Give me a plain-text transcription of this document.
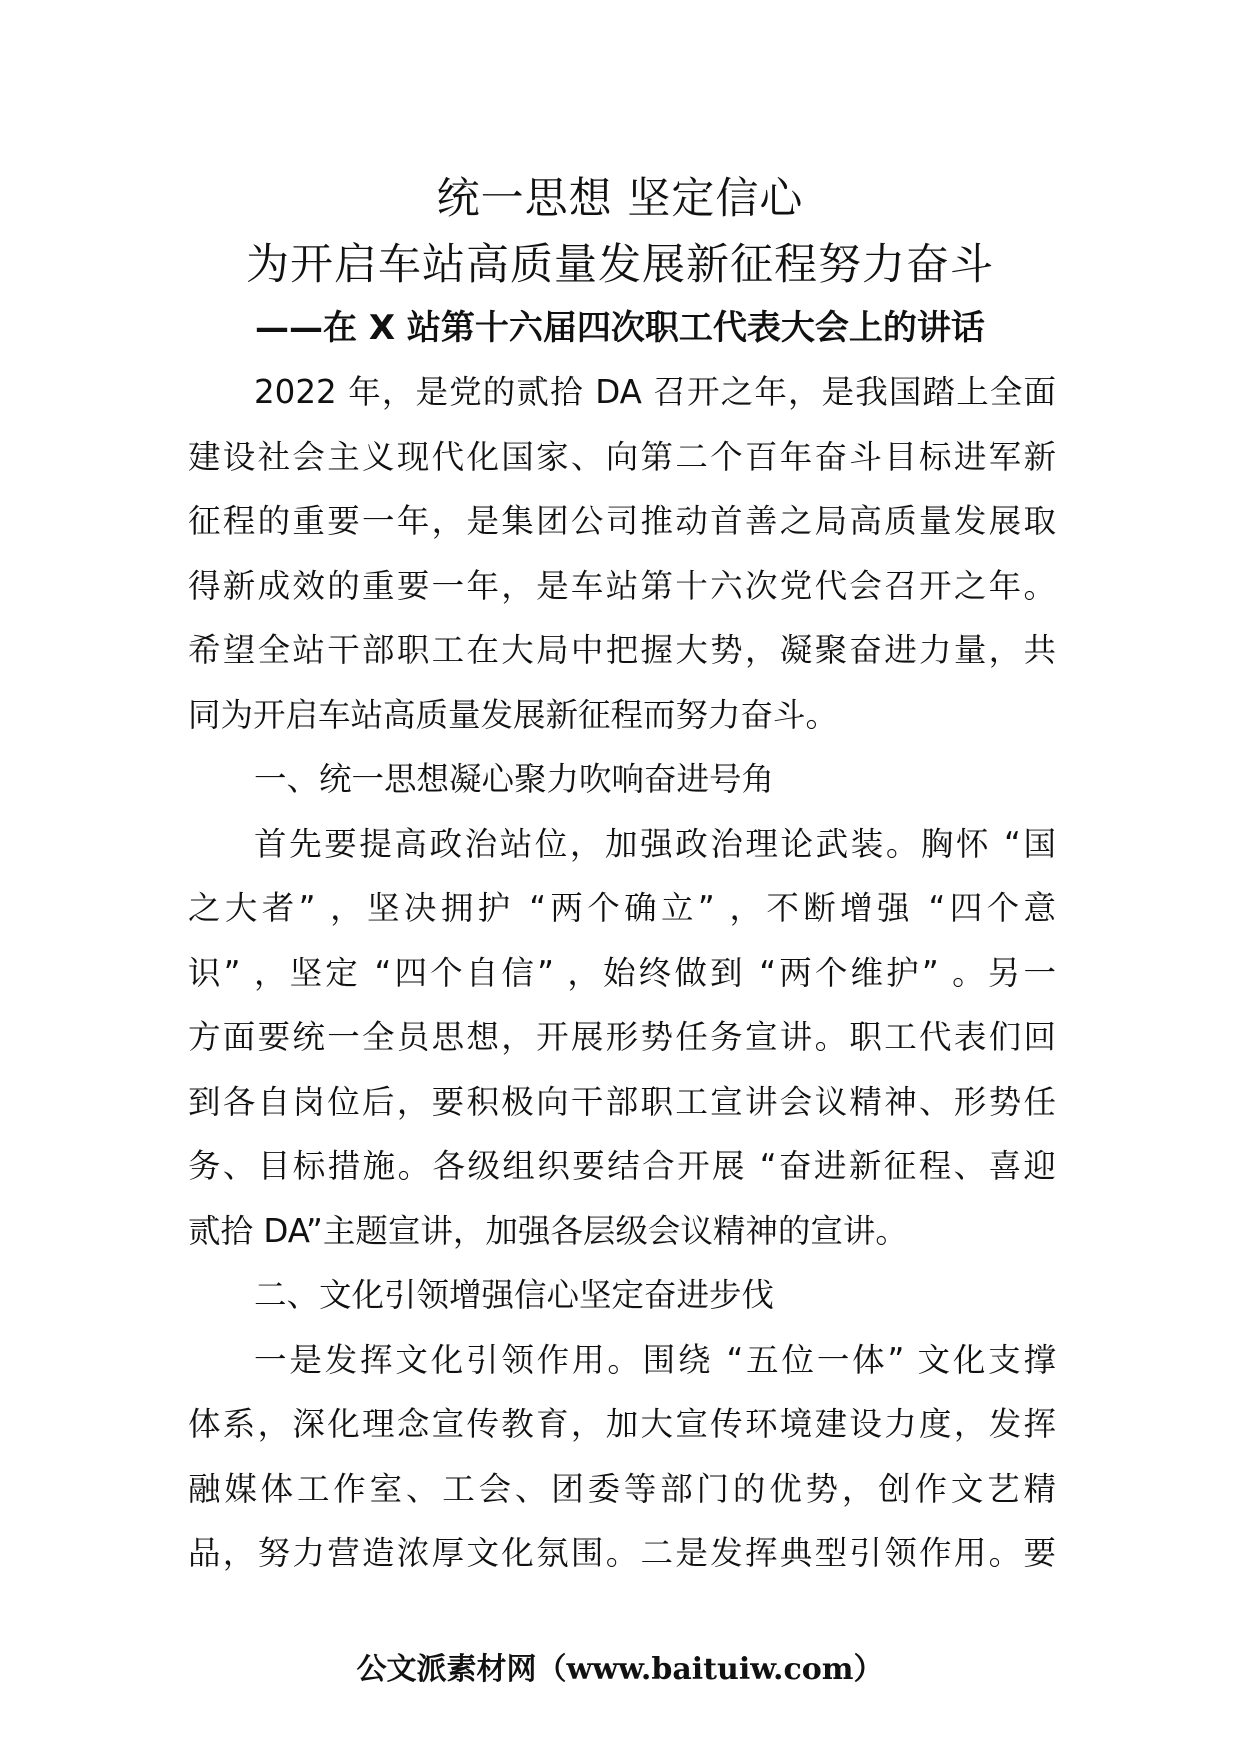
统一思想 坚定信心
为开启车站高质量发展新征程努力奋斗
——在 X 站第十六届四次职工代表大会上的讲话
2022 年，是党的贰拾 DA 召开之年，是我国踏上全面
建设社会主义现代化国家、向第二个百年奋斗目标进军新
征程的重要一年，是集团公司推动首善之局高质量发展取
得新成效的重要一年，是车站第十六次党代会召开之年。
希望全站干部职工在大局中把握大势，凝聚奋进力量，共
同为开启车站高质量发展新征程而努力奋斗。
一、统一思想凝心聚力吹响奋进号角
首先要提高政治站位，加强政治理论武装。胸怀 “国
之大者” ，坚决拥护 “两个确立” ，不断增强 “四个意
识” ，坚定 “四个自信” ，始终做到 “两个维护” 。另一
方面要统一全员思想，开展形势任务宣讲。职工代表们回
到各自岗位后，要积极向干部职工宣讲会议精神、形势任
务、目标措施。各级组织要结合开展 “奋进新征程、喜迎
贰拾 DA”主题宣讲，加强各层级会议精神的宣讲。
二、文化引领增强信心坚定奋进步伐
一是发挥文化引领作用。围绕 “五位一体” 文化支撑
体系，深化理念宣传教育，加大宣传环境建设力度，发挥
融媒体工作室、工会、团委等部门的优势，创作文艺精
品，努力营造浓厚文化氛围。二是发挥典型引领作用。要
公文派素材网（www.baituiw.com）
